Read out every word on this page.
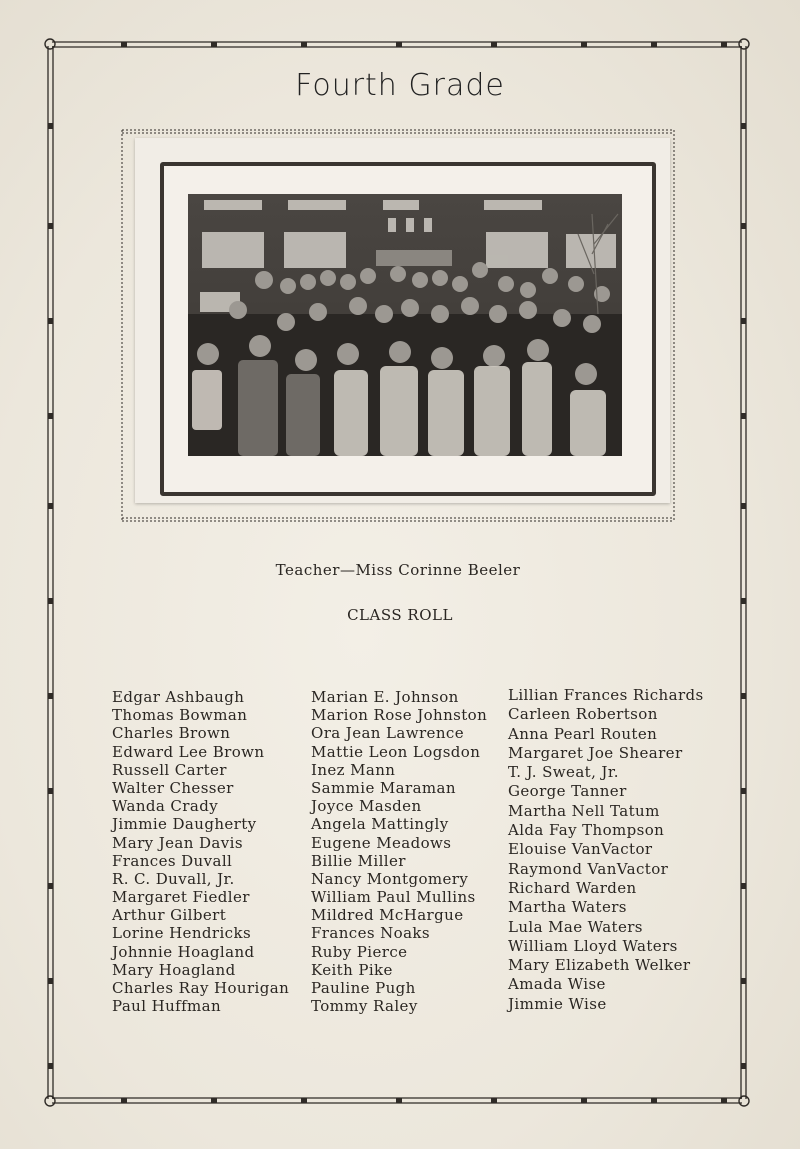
Fourth Grade
Teacher—Miss Corinne Beeler
CLASS ROLL
Edgar Ashbaugh
Thomas Bowman
Charles Brown
Edward Lee Brown
Russell Carter
Walter Chesser
Wanda Crady
Jimmie Daugherty
Mary Jean Davis
Frances Duvall
R. C. Duvall, Jr.
Margaret Fiedler
Arthur Gilbert
Lorine Hendricks
Johnnie Hoagland
Mary Hoagland
Charles Ray Hourigan
Paul Huffman
Marian E. Johnson
Marion Rose Johnston
Ora Jean Lawrence
Mattie Leon Logsdon
Inez Mann
Sammie Maraman
Joyce Masden
Angela Mattingly
Eugene Meadows
Billie Miller
Nancy Montgomery
William Paul Mullins
Mildred McHargue
Frances Noaks
Ruby Pierce
Keith Pike
Pauline Pugh
Tommy Raley
Lillian Frances Richards
Carleen Robertson
Anna Pearl Routen
Margaret Joe Shearer
T. J. Sweat, Jr.
George Tanner
Martha Nell Tatum
Alda Fay Thompson
Elouise VanVactor
Raymond VanVactor
Richard Warden
Martha Waters
Lula Mae Waters
William Lloyd Waters
Mary Elizabeth Welker
Amada Wise
Jimmie Wise
